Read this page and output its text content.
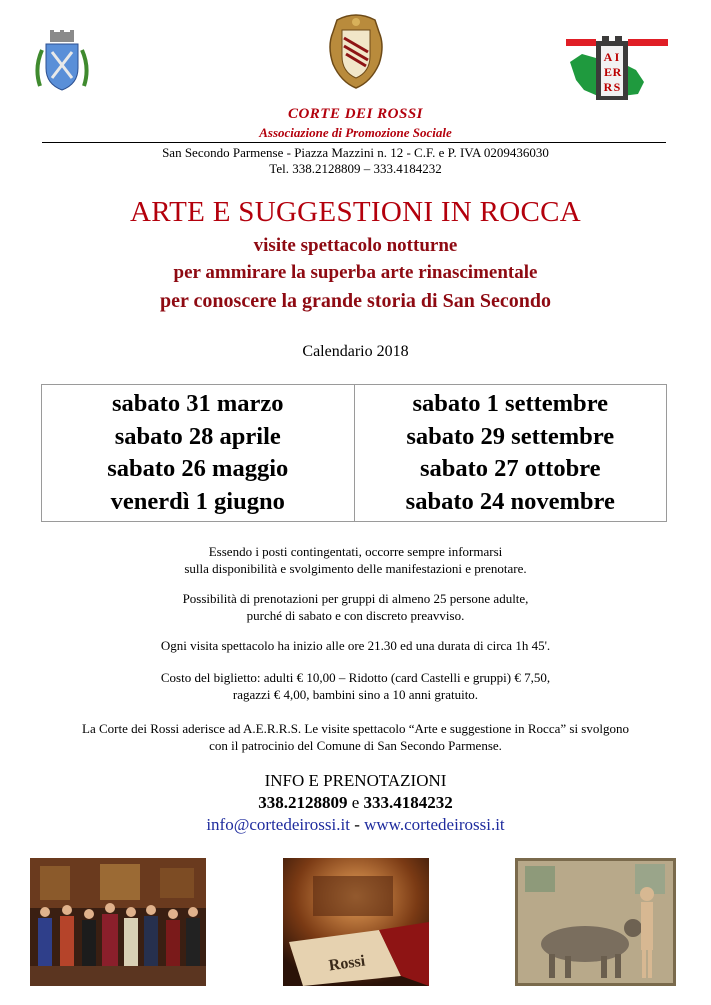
A I
E R
R S
CORTE DEI ROSSI
Associazione di Promozione Sociale
San Secondo Parmense - Piazza Mazzini n. 12 - C.F. e P. IVA 0209436030
Tel. 338.2128809 – 333.4184232
ARTE E SUGGESTIONI IN ROCCA
visite spettacolo notturne
per ammirare la superba arte rinascimentale
per conoscere la grande storia di San Secondo
Calendario 2018
sabato 31 marzo
sabato 28 aprile
sabato 26 maggio
venerdì 1 giugno
sabato 1 settembre
sabato 29 settembre
sabato 27 ottobre
sabato 24 novembre
Essendo i posti contingentati, occorre sempre informarsi
sulla disponibilità e svolgimento delle manifestazioni e prenotare.
Possibilità di prenotazioni per gruppi di almeno 25 persone adulte,
purché di sabato e con discreto preavviso.
Ogni visita spettacolo ha inizio alle ore 21.30 ed una durata di circa 1h 45'.
Costo del biglietto: adulti € 10,00 – Ridotto (card Castelli e gruppi) € 7,50,
ragazzi € 4,00, bambini sino a 10 anni gratuito.
La Corte dei Rossi aderisce ad A.E.R.R.S. Le visite spettacolo “Arte e suggestione in Rocca” si svolgono
con il patrocinio del Comune di San Secondo Parmense.
INFO E PRENOTAZIONI
338.2128809 e 333.4184232
info@cortedeirossi.it - www.cortedeirossi.it
Rossi
